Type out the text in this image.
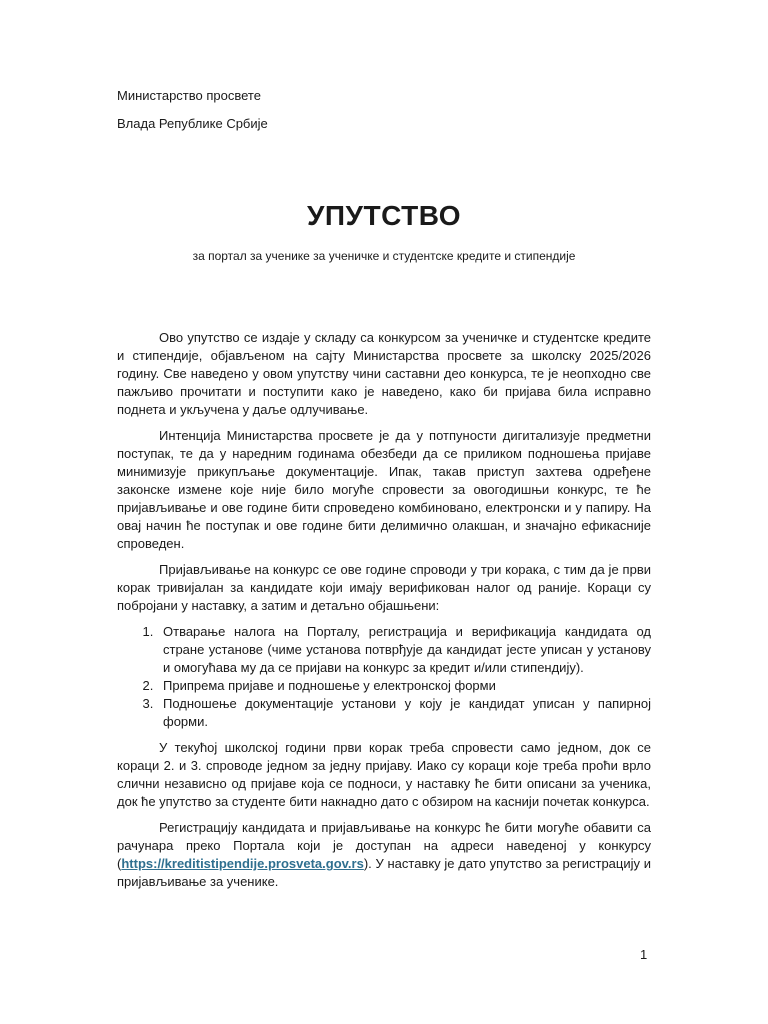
Министарство просвете

Влада Републике Србије

УПУТСТВО

за портал за ученике за ученичке и студентске кредите и стипендије

Ово упутство се издаје у складу са конкурсом за ученичке и студентске кредите и стипендије, објављеном на сајту Министарства просвете за школску 2025/2026 годину. Све наведено у овом упутству чини саставни део конкурса, те је неопходно све пажљиво прочитати и поступити како је наведено, како би пријава била исправно поднета и укључена у даље одлучивање.

Интенција Министарства просвете је да у потпуности дигитализује предметни поступак, те да у наредним годинама обезбеди да се приликом подношења пријаве минимизује прикупљање документације. Ипак, такав приступ захтева одређене законске измене које није било могуће спровести за овогодишњи конкурс, те ће пријављивање и ове године бити спроведено комбиновано, електронски и у папиру. На овај начин ће поступак и ове године бити делимично олакшан, и значајно ефикасније спроведен.

Пријављивање на конкурс се ове године спроводи у три корака, с тим да је први корак тривијалан за кандидате који имају верификован налог од раније. Кораци су побројани у наставку, а затим и детаљно објашњени:

1. Отварање налога на Порталу, регистрација и верификација кандидата од стране установе (чиме установа потврђује да кандидат јесте уписан у установу и омогућава му да се пријави на конкурс за кредит и/или стипендију).
2. Припрема пријаве и подношење у електронској форми
3. Подношење документације установи у коју је кандидат уписан у папирној форми.

У текућој школској години први корак треба спровести само једном, док се кораци 2. и 3. спроводе једном за једну пријаву. Иако су кораци које треба проћи врло слични независно од пријаве која се подноси, у наставку ће бити описани за ученика, док ће упутство за студенте бити накнадно дато с обзиром на каснији почетак конкурса.

Регистрацију кандидата и пријављивање на конкурс ће бити могуће обавити са рачунара преко Портала који је доступан на адреси наведеној у конкурсу (https://kreditistipendije.prosveta.gov.rs). У наставку је дато упутство за регистрацију и пријављивање за ученике.

1
